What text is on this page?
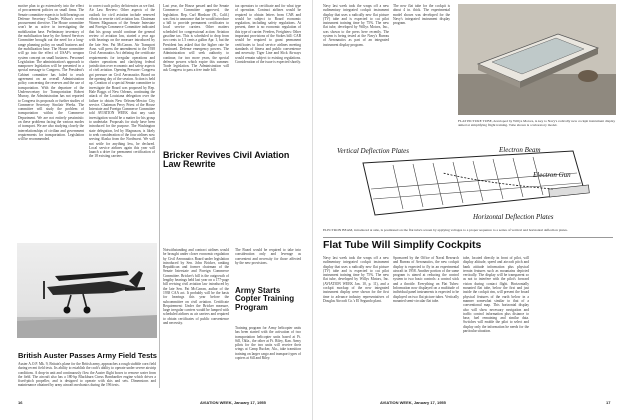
motive plan to go extensively into the effect of procurement policies on small firms. The Senate committee expects to hold hearings on Defense Secretary Charles Wilson's recent procurement directive. The House committee won't be as active in investigating the mobilization base. Preliminary inventory of the mobilization base by the Armed Services Committee brought out the need for a long-range planning policy on small business and the mobilization base. The House committee will go into the effect of USAF's weapon system concept on small business. Personnel Legislation: The administration's approach to manpower legislation will be presented in a special message to Congress. The President's Cabinet committee has failed to reach agreement on an overall Administration policy concerning the reserves and the use of transportation. With the departure of the Undersecretary for Transportation Robert Murray, the Administration has not reported to Congress its proposals or further studies of Commerce Secretary Sinclair Weeks. The committee will study the problem of transportation within the Commerce Department. We are not entirely pessimistic on these problems facing the various modes of transport. We are also studying closely the interrelationships of civilian and government requirements for transportation. Legislation will be recommended.

to correct such policy deficiencies as we find. Air Law Review: Other aspects of the outlook for civil aviation include renewed efforts to rewrite civil aviation law. Chairman Warren Magnuson of the Senate Interstate and Foreign Commerce Committee indicated that his group would continue the general review of aviation law, started a year ago with hearings on the measure introduced by the late Sen. Pat McCarran. Air Transport Assn. will press the amendment to the 1938 Civil Aeronautics Act defining the certificate requirements for irregular operations and charter operations and clarifying federal jurisdiction over economic and safety aspects of civil aviation. Opening Pressure: Congress got pressure on Civil Aeronautics Board on the opening day of the session. Action is held up. Creation of a special Senate committee to investigate the Board was proposed by Rep. Hale Boggs of New Orleans, continuing the attack of the Louisiana delegation over the failure to obtain New Orleans-Mexico City service. Chairman Percy Priest of the House Interstate and Foreign Commerce Committee told AVIATION WEEK that any such investigation would be a matter for his group to undertake. Proposals for study have been introduced for the purpose. The Washington state delegation, led by Magnuson, is likely to seek consideration of the four airlines now serving Alaska from the Northwest. We will not settle for anything less, he declared. Local service airlines again this year will launch a drive for permanent certification of the 18 existing carriers.

Last year, the House passed and the Senate Commerce Committee approved, the legislation. Rep. Carl Hinshaw (R., Calif.) was first to announce that he would introduce a bill to provide permanent certificates to local service carriers. Other matters scheduled for congressional action: Aviation gasoline tax. This is scheduled to drop from two cents to 1.5 cents a gallon Apr. 1, but the President has asked that the higher rate be continued. Defense emergency powers. The Administration will seek authority to continue, for two more years, the special defense powers which expire this summer. Trade legislation. The Administration will ask Congress to pass a free trade bill.

tax operators to certificate and for what type of operation. Contract airlines would be required to obtain letters from CAB and would be subject to Board economic regulation, including safety regulations. At present, there is no economic regulation of this type of carrier. Feeders, Freighters: Other important provisions of the Stokes bill: CAB would be required to grant permanent certificates to local service airlines meeting standards of fitness and public convenience and necessity. Tiger Line and Slick Airways would remain subject to existing regulations. Consideration of the issue is expected shortly.

British Auster Passes Army Field Tests

Auster A.O.P. Mk. 9, Britain's plane for the British army, approaches a rough stubble corn field during recent field tests. Its ability to establish the craft's ability to operate under severe airstrip conditions. A drop-in unit and continuously flow the Auster flight boxes to remove water from the field. The aircraft also has a 180-hp Blackburn Cirrus Bombardier engine which drives a fixed-pitch propeller, and is designed to operate with skis and sets. Dimensions and maintenance obtained by army aircraft mechanics during the 196 tests.

Bricker Revives Civil Aviation Law Rewrite

Notwithstanding and contract airlines would be brought under closer economic regulation by Civil Aeronautics Board under legislation introduced by Sen. John Bricker, ranking Republican and former chairman of the Senate Interstate and Foreign Commerce Committee. Bricker's bill is the outgrowth of lengthy hearings held last year on a 177-page bill revising civil aviation law introduced by the late Sen. Pat McCarran, author of the 1938 CAA act. It probably will be the basis for hearings this year before the subcommittee on civil aviation. Certificate Requirement: Under the Bricker measure, large irregular carriers would be lumped with scheduled airlines as air carriers and required to obtain certificates of public convenience and necessity.

The Board would be required to take into consideration only and leverage as convenient and necessity for those affected by the new provisions.

Army Starts Copter Training Program

Training program for Army helicopter units has been started with the activation of two transportation helicopter units based at Ft. Sill, Okla., the other at Ft. Riley, Kan. Army pilots for the two units will receive their wings at Camp Rucker, Ala., take transition training on larger cargo and transport types of copters at Sill and Riley.

Navy last week took the wraps off a new rudimentary integrated cockpit instrument display that uses a radically new flat picture (TV) tube and is expected to cut pilot instrument training time by 75%. The new flat tube, developed by Willys Motors, Inc., was shown to the press here recently. The system is being tested at the Navy's Bureau of Aeronautics as part of an integrated instrument display program.

The new flat tube for the cockpit is about 4 in. thick. The experimental model shown was developed for the Navy's integrated instrument display program.

FLAT PICTURE TUBE, developed by Willys Motors, is key to Navy's radically new cockpit instrument display aimed at simplifying flight training. Tube shown is a laboratory model.

Vertical Deflection Plates	Electron Beam
Electron Gun
Horizontal Deflection Plates

ELECTRON BEAM, introduced at side, is positioned on the flat tube's screen by applying voltages to a proper sequence to a series of vertical and horizontal deflection plates.

Flat Tube Will Simplify Cockpits

Navy last week took the wraps off a new rudimentary integrated cockpit instrument display that uses a radically new flat picture (TV) tube and is expected to cut pilot instrument training time by 75%. The new flat tube, developed by Willys Motors, Inc. (AVIATION WEEK Jan. 10, p. 11), and a cockpit mockup of the new integrated instrument display were shown for the first time to advance industry representatives of Douglas Aircraft Co.'s El Segundo plant.

Sponsored by the Office of Naval Research and Bureau of Aeronautics, the new cockpit display is expected to fly in an experimental aircraft in 1958. Another portion of the same program is aimed at reducing the control system to two basic controls: a control stick and a throttle. Everything on Flat Tubes: Information now displayed on a multitude of individual panel instruments is expected to be displayed on two flat picture tubes. Vertically mounted semi-circular flat tube.

tube, located directly in front of pilot, will display altitude, speed and aircraft pitch and bank attitude information plus physical terrain features such as mountains depicted vertically. The display will be transparent so as not to interfere with the pilot's forward vision during contact flight. Horizontally mounted flat tube, below the first and just inside the cockpit rim, will present the broad physical features of the earth below in a manner somewhat similar to that of a conventional map. This horizontal display also will show necessary navigation and traffic control information plus distance to base, fuel remaining and similar data. Switches will enable the pilot to select and display only the information he needs for the particular situation.

16	AVIATION WEEK, January 17, 1955	AVIATION WEEK, January 17, 1955	17
